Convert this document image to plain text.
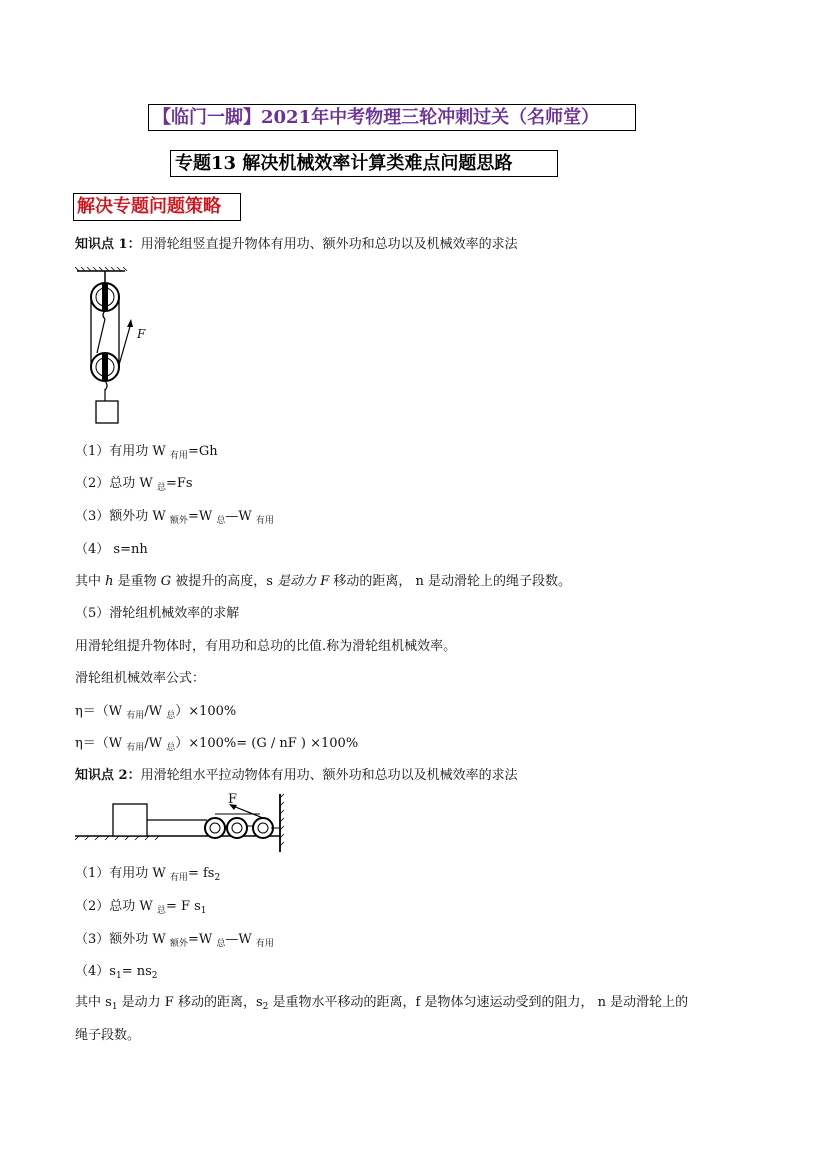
【临门一脚】2021年中考物理三轮冲刺过关（名师堂）
专题13 解决机械效率计算类难点问题思路
解决专题问题策略
知识点 1：用滑轮组竖直提升物体有用功、额外功和总功以及机械效率的求法
F
（1）有用功 W $_{有用}$=Gh
（2）总功 W $_总$=Fs
（3）额外功 W $_{额外}$=W $_总$—W $_{有用}$
（4） s=nh
其中 h 是重物 G 被提升的高度，s 是动力 F 移动的距离， n 是动滑轮上的绳子段数。
（5）滑轮组机械效率的求解
用滑轮组提升物体时，有用功和总功的比值.称为滑轮组机械效率。
滑轮组机械效率公式：
η＝（W $_{有用}$/W $_总$）×100%
η＝（W $_{有用}$/W $_总$）×100%= (G / nF ) ×100%
知识点 2：用滑轮组水平拉动物体有用功、额外功和总功以及机械效率的求法
F
（1）有用功 W $_{有用}= fs_2$
（2）总功 W $_总$= F $s_1$
（3）额外功 W $_{额外}$=W $_总$—W $_{有用}$
$(4)s_1= ns_2$
其中 $s_1$ 是动力 F 移动的距离，$s_2$ 是重物水平移动的距离，f 是物体匀速运动受到的阻力， n 是动滑轮上的
绳子段数。
